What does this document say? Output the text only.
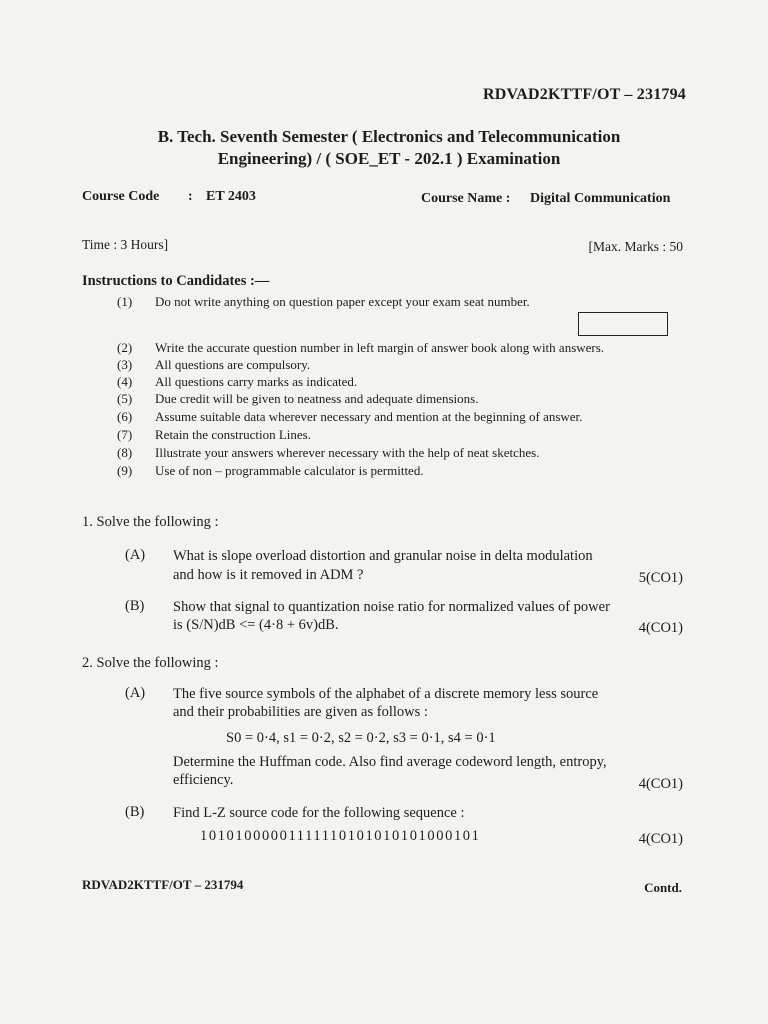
RDVAD2KTTF/OT – 231794
B. Tech. Seventh Semester ( Electronics and Telecommunication
Engineering) / ( SOE_ET - 202.1 ) Examination
Course Code : ET 2403	Course Name : Digital Communication
Time : 3 Hours]	[Max. Marks : 50
Instructions to Candidates :—
(1) Do not write anything on question paper except your exam seat number.
(2) Write the accurate question number in left margin of answer book along with answers.
(3) All questions are compulsory.
(4) All questions carry marks as indicated.
(5) Due credit will be given to neatness and adequate dimensions.
(6) Assume suitable data wherever necessary and mention at the beginning of answer.
(7) Retain the construction Lines.
(8) Illustrate your answers wherever necessary with the help of neat sketches.
(9) Use of non – programmable calculator is permitted.
1. Solve the following :
(A) What is slope overload distortion and granular noise in delta modulation
and how is it removed in ADM ?	5(CO1)
(B) Show that signal to quantization noise ratio for normalized values of power
is (S/N)dB <= (4·8 + 6v)dB.	4(CO1)
2. Solve the following :
(A) The five source symbols of the alphabet of a discrete memory less source
and their probabilities are given as follows :
S0 = 0·4, s1 = 0·2, s2 = 0·2, s3 = 0·1, s4 = 0·1
Determine the Huffman code. Also find average codeword length, entropy,
efficiency.	4(CO1)
(B) Find L-Z source code for the following sequence :
10101000001111110101010101000101	4(CO1)
RDVAD2KTTF/OT – 231794	Contd.
